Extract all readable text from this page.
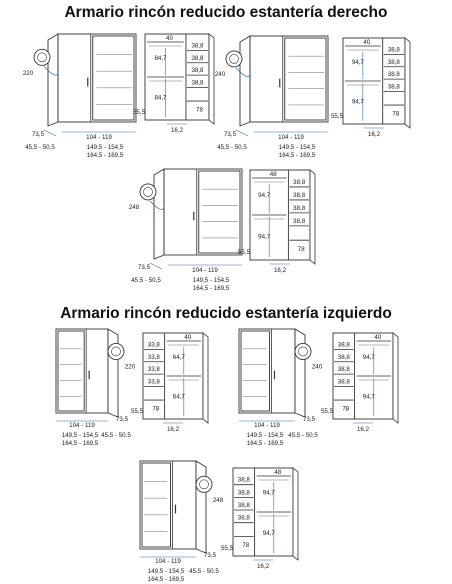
Armario rincón reducido estantería derecho
Armario rincón reducido estantería izquierdo
220
73,5	104 - 119
45,5 - 50,5	149,5 - 154,5
164,5 - 169,5
38,8
38,8
38,8
38,8
78
40
84,7
84,7
55,5
16,2
240
73,5	104 - 119
45,5 - 50,5	149,5 - 154,5
164,5 - 169,5
38,8
38,8
38,8
38,8
78
40
94,7
94,7
55,5
16,2
248
73,5	104 - 119
45,5 - 50,5	149,5 - 154,5
164,5 - 169,5
38,8
38,8
38,8
38,8
78
48
94,7
94,7
55,5
16,2
220
104 - 119
73,5
149,5 - 154,5 45,5 - 50,5
164,5 - 169,5
33,8
33,8
33,8
33,8
78
40
64,7
64,7
55,5
16,2
240
104 - 119
73,5
149,5 - 154,5 45,5 - 50,5
164,5 - 169,5
38,8
38,8
38,8
38,8
78
40
94,7
94,7
55,5
16,2
248
104 - 119
73,5
149,5 - 154,5 45,5 - 50,5
164,5 - 169,5
38,8
38,8
38,8
38,8
78
48
94,7
94,7
55,5
16,2
